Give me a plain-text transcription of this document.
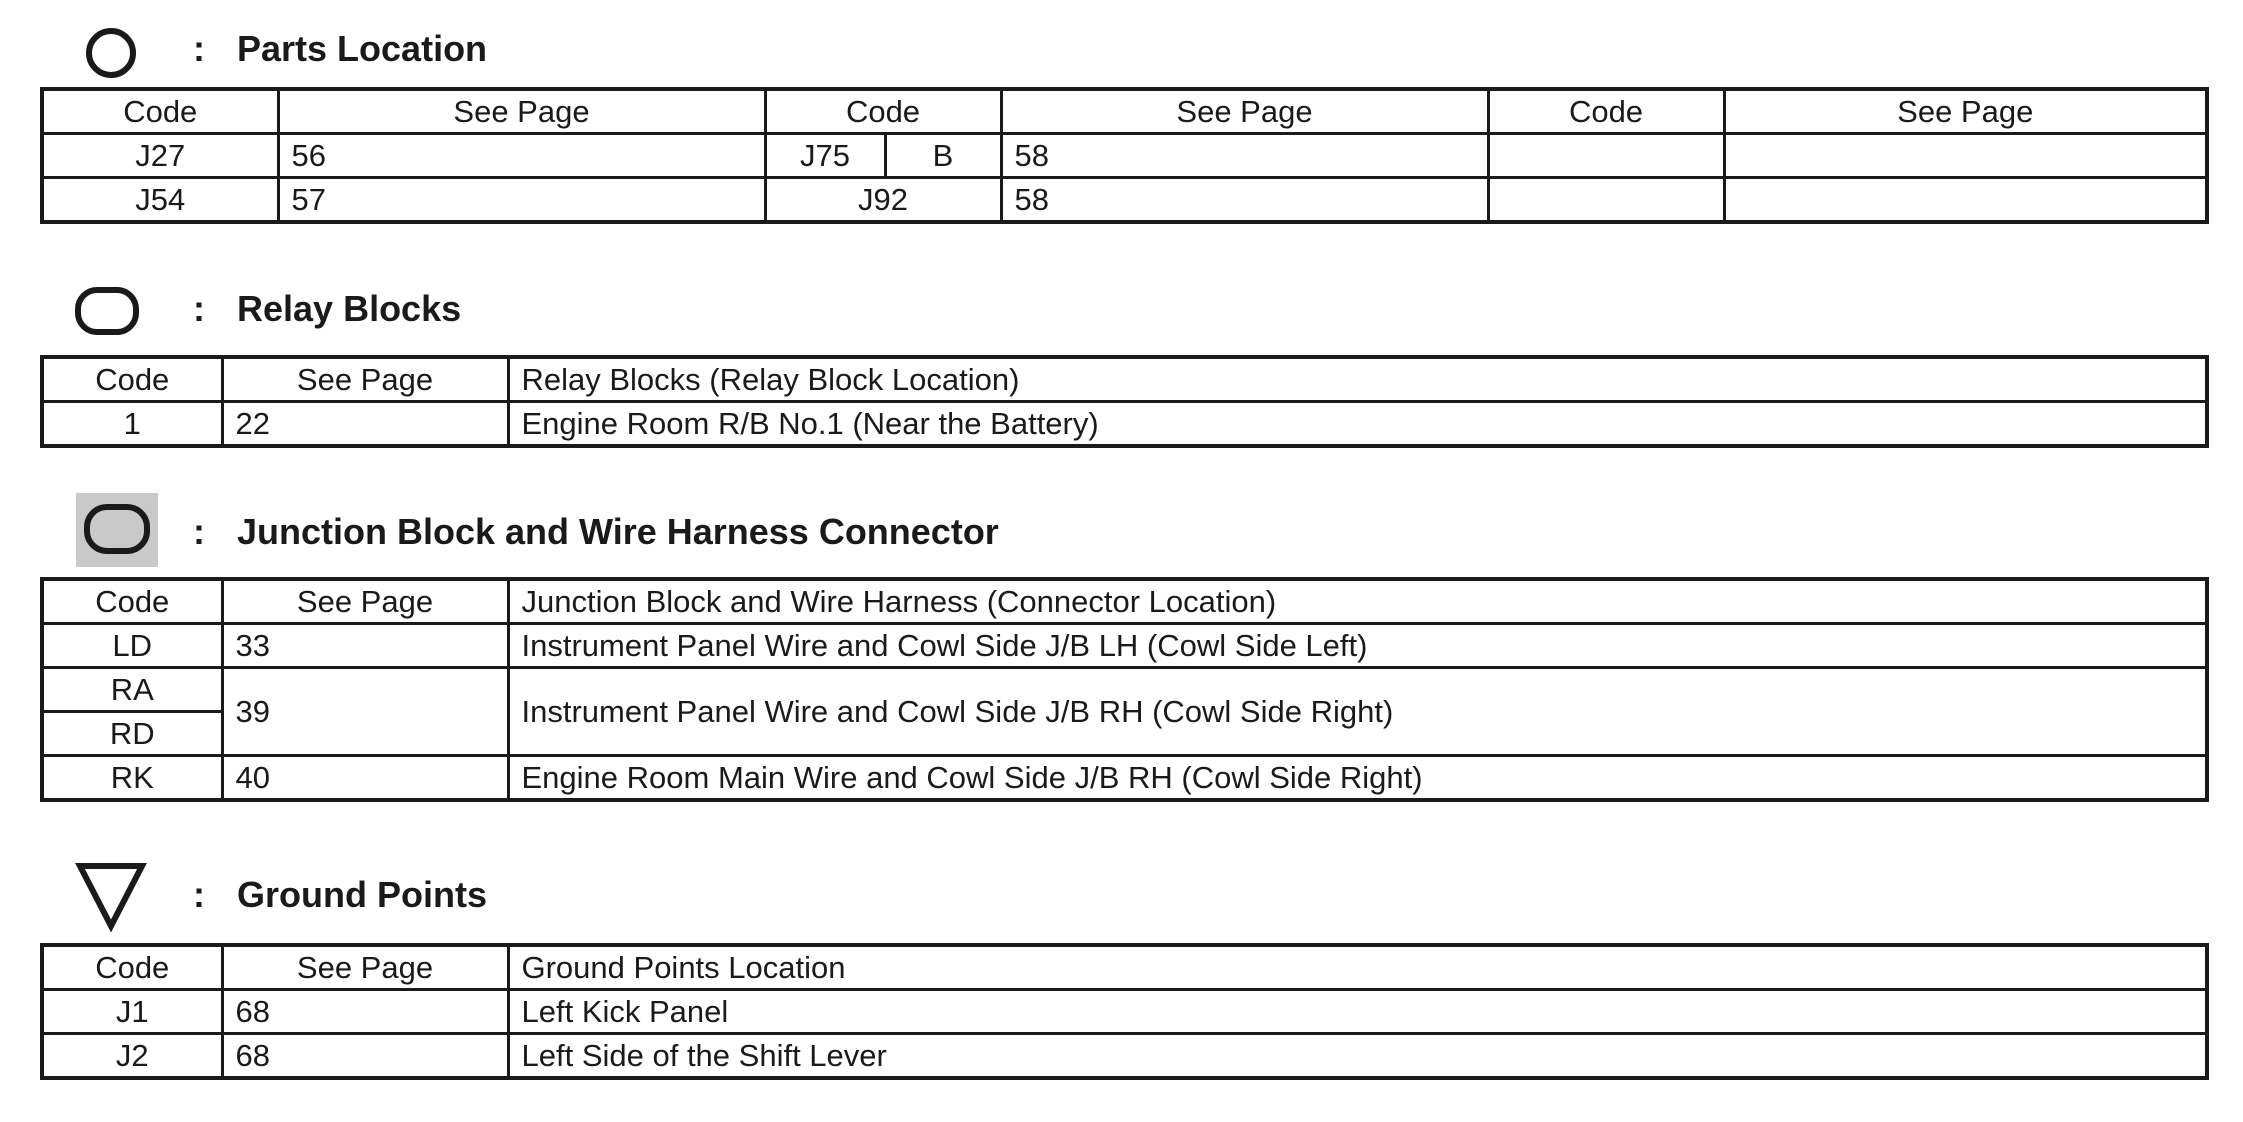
: Parts Location
Code	See Page	Code	See Page	Code	See Page
J27	56	J75 B	58		
J54	57	J92	58		
: Relay Blocks
Code	See Page	Relay Blocks (Relay Block Location)
1	22	Engine Room R/B No.1 (Near the Battery)
: Junction Block and Wire Harness Connector
Code	See Page	Junction Block and Wire Harness (Connector Location)
LD	33	Instrument Panel Wire and Cowl Side J/B LH (Cowl Side Left)
RA	39	Instrument Panel Wire and Cowl Side J/B RH (Cowl Side Right)
RD		
RK	40	Engine Room Main Wire and Cowl Side J/B RH (Cowl Side Right)
: Ground Points
Code	See Page	Ground Points Location
J1	68	Left Kick Panel
J2	68	Left Side of the Shift Lever
